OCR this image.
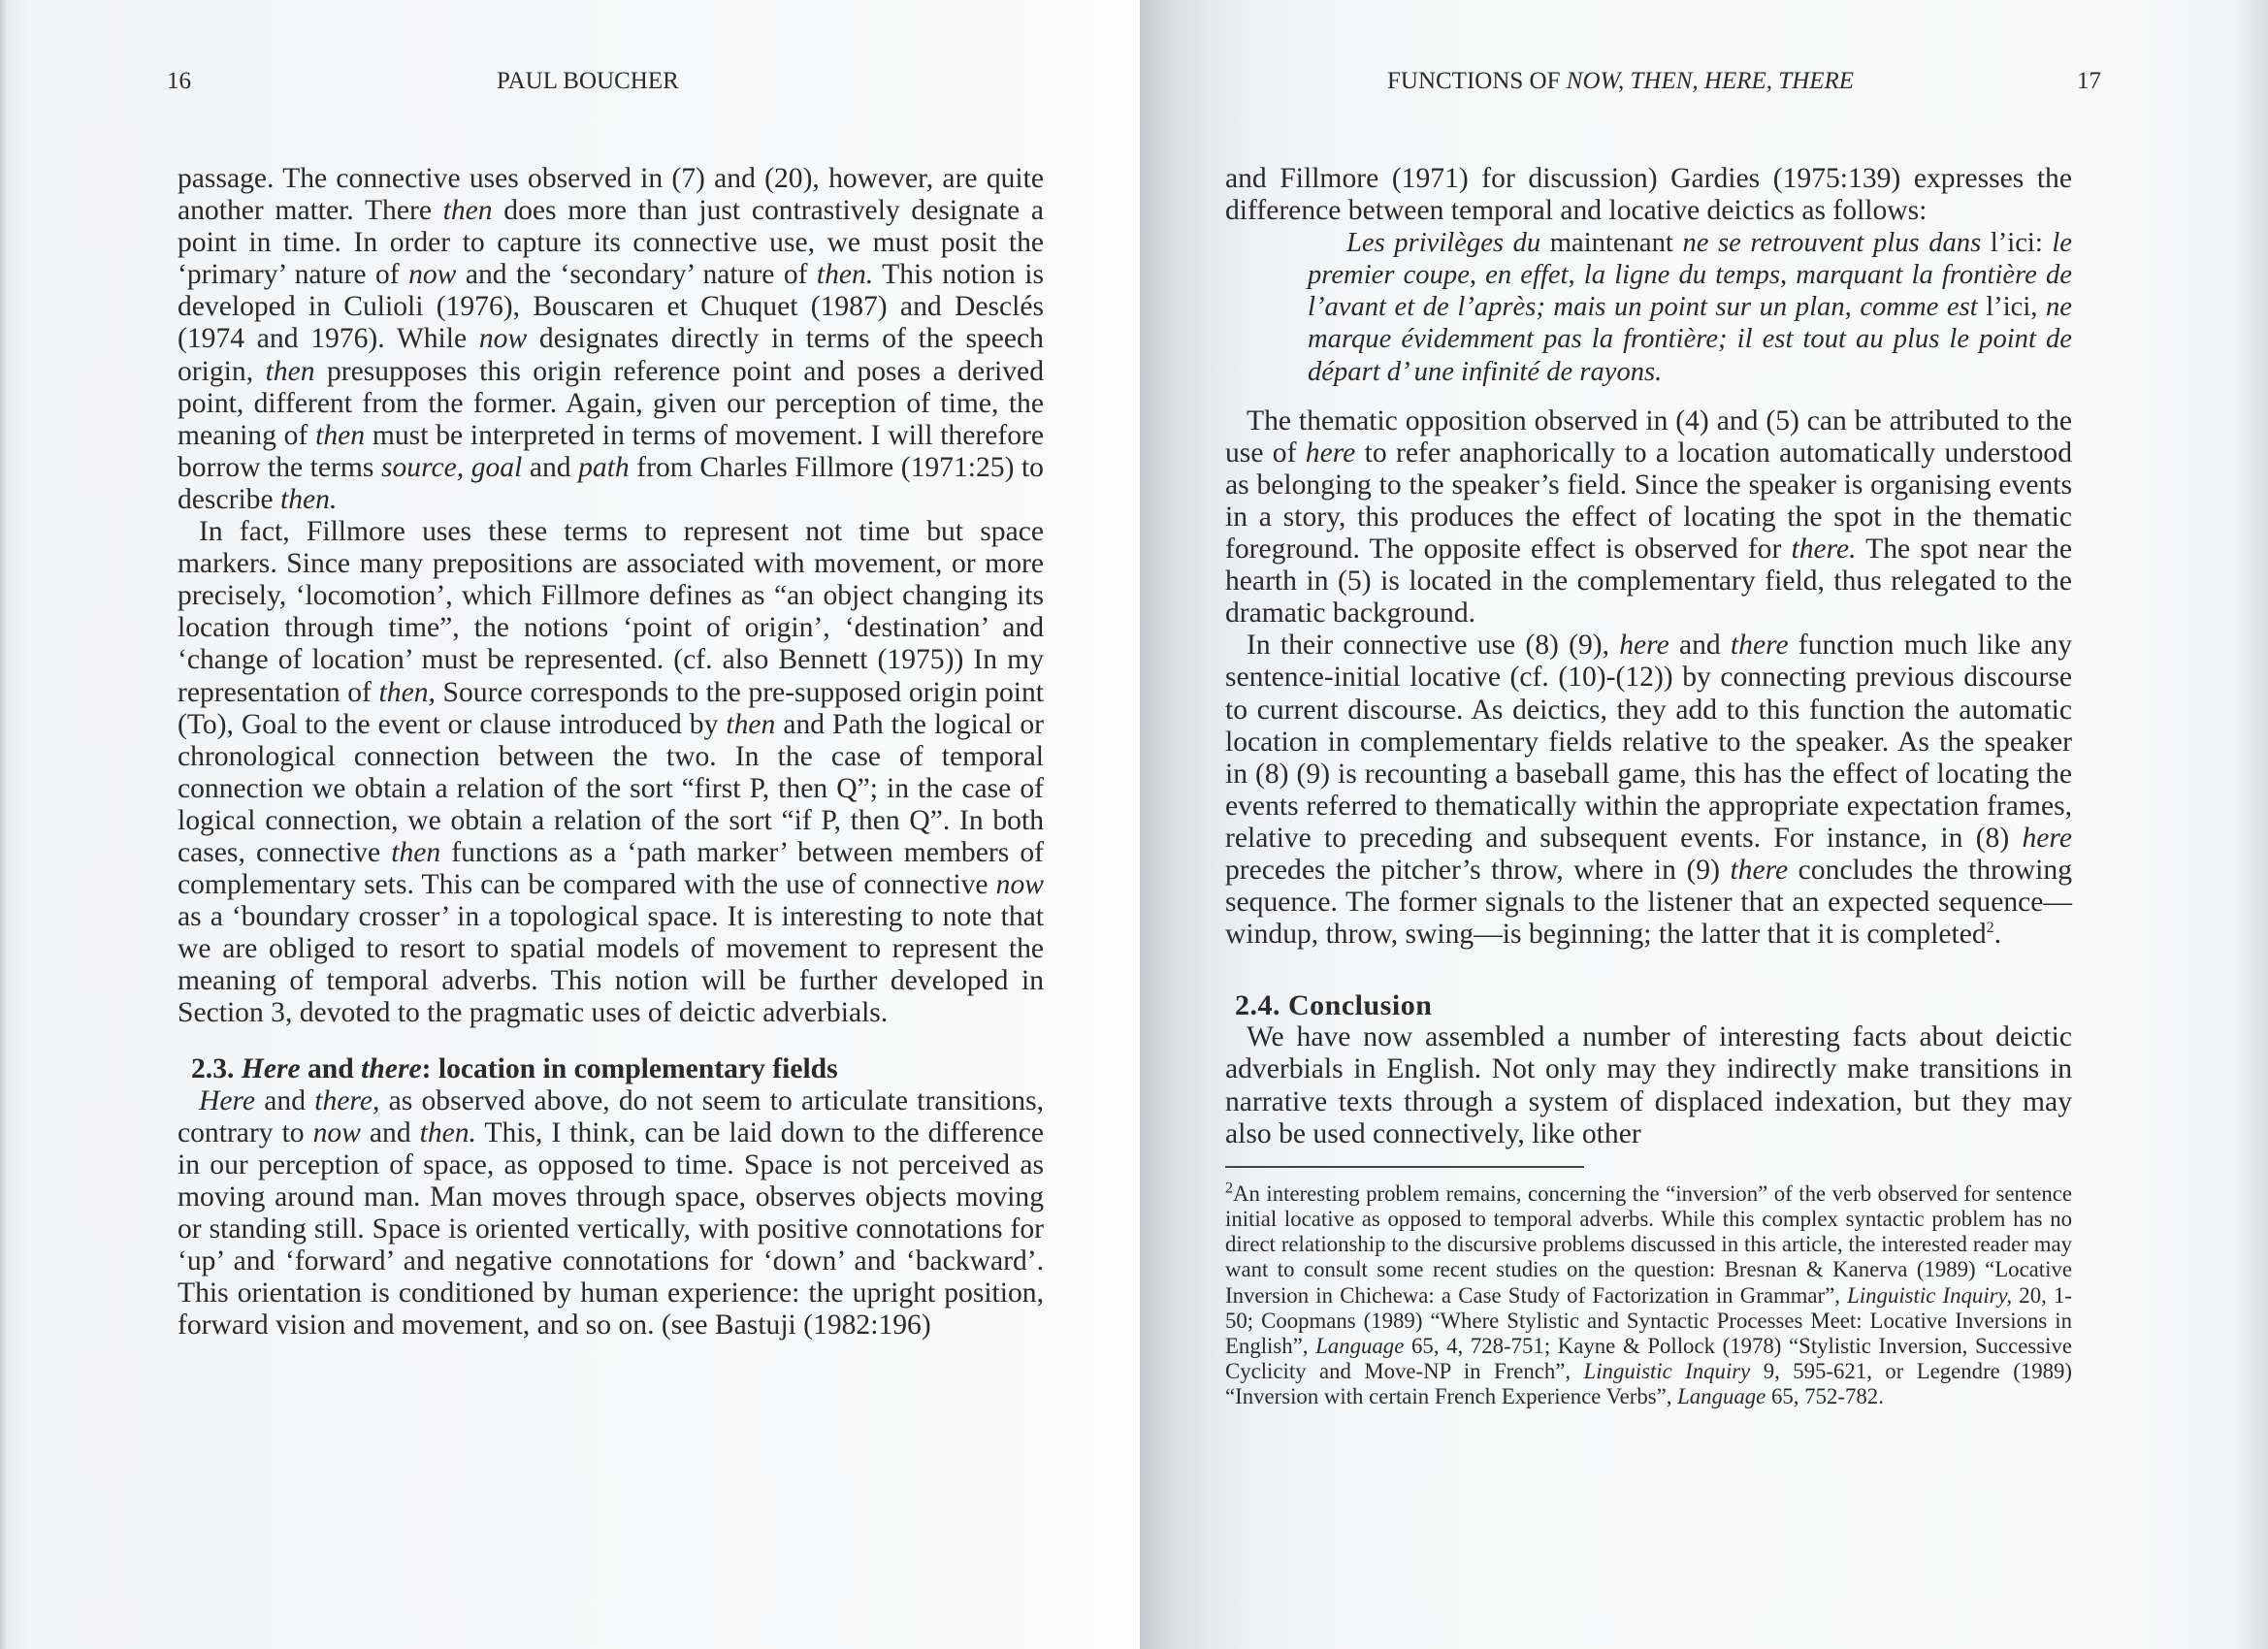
16	PAUL BOUCHER

passage. The connective uses observed in (7) and (20), however, are quite another matter. There then does more than just contrastively designate a point in time. In order to capture its connective use, we must posit the ‘primary’ nature of now and the ‘secondary’ nature of then. This notion is developed in Culioli (1976), Bouscaren et Chuquet (1987) and Desclés (1974 and 1976). While now designates directly in terms of the speech origin, then presupposes this origin reference point and poses a derived point, different from the former. Again, given our perception of time, the meaning of then must be interpreted in terms of movement. I will therefore borrow the terms source, goal and path from Charles Fillmore (1971:25) to describe then.

In fact, Fillmore uses these terms to represent not time but space markers. Since many prepositions are associated with movement, or more precisely, ‘locomotion’, which Fillmore defines as “an object changing its location through time”, the notions ‘point of origin’, ‘destination’ and ‘change of location’ must be represented. (cf. also Bennett (1975)) In my representation of then, Source corresponds to the pre-supposed origin point (To), Goal to the event or clause introduced by then and Path the logical or chronological connection between the two. In the case of temporal connection we obtain a relation of the sort “first P, then Q”; in the case of logical connection, we obtain a relation of the sort “if P, then Q”. In both cases, connective then functions as a ‘path marker’ between members of complementary sets. This can be compared with the use of connective now as a ‘boundary crosser’ in a topological space. It is interesting to note that we are obliged to resort to spatial models of movement to represent the meaning of temporal adverbs. This notion will be further developed in Section 3, devoted to the pragmatic uses of deictic adverbials.

2.3. Here and there: location in complementary fields

Here and there, as observed above, do not seem to articulate transitions, contrary to now and then. This, I think, can be laid down to the difference in our perception of space, as opposed to time. Space is not perceived as moving around man. Man moves through space, observes objects moving or standing still. Space is oriented vertically, with positive connotations for ‘up’ and ‘forward’ and negative connotations for ‘down’ and ‘backward’. This orientation is conditioned by human experience: the upright position, forward vision and movement, and so on. (see Bastuji (1982:196)

FUNCTIONS OF NOW, THEN, HERE, THERE	17

and Fillmore (1971) for discussion) Gardies (1975:139) expresses the difference between temporal and locative deictics as follows:

Les privilèges du maintenant ne se retrouvent plus dans l’ici: le premier coupe, en effet, la ligne du temps, marquant la frontière de l’avant et de l’après; mais un point sur un plan, comme est l’ici, ne marque évidemment pas la frontière; il est tout au plus le point de départ d’ une infinité de rayons.

The thematic opposition observed in (4) and (5) can be attributed to the use of here to refer anaphorically to a location automatically understood as belonging to the speaker’s field. Since the speaker is organising events in a story, this produces the effect of locating the spot in the thematic foreground. The opposite effect is observed for there. The spot near the hearth in (5) is located in the complementary field, thus relegated to the dramatic background.

In their connective use (8) (9), here and there function much like any sentence-initial locative (cf. (10)-(12)) by connecting previous discourse to current discourse. As deictics, they add to this function the automatic location in complementary fields relative to the speaker. As the speaker in (8) (9) is recounting a baseball game, this has the effect of locating the events referred to thematically within the appropriate expectation frames, relative to preceding and subsequent events. For instance, in (8) here precedes the pitcher’s throw, where in (9) there concludes the throwing sequence. The former signals to the listener that an expected sequence—windup, throw, swing—is beginning; the latter that it is completed$^2$.

2.4. Conclusion

We have now assembled a number of interesting facts about deictic adverbials in English. Not only may they indirectly make transitions in narrative texts through a system of displaced indexation, but they may also be used connectively, like other

$^2$An interesting problem remains, concerning the “inversion” of the verb observed for sentence initial locative as opposed to temporal adverbs. While this complex syntactic problem has no direct relationship to the discursive problems discussed in this article, the interested reader may want to consult some recent studies on the question: Bresnan & Kanerva (1989) “Locative Inversion in Chichewa: a Case Study of Factorization in Grammar”, Linguistic Inquiry, 20, 1-50; Coopmans (1989) “Where Stylistic and Syntactic Processes Meet: Locative Inversions in English”, Language 65, 4, 728-751; Kayne & Pollock (1978) “Stylistic Inversion, Successive Cyclicity and Move-NP in French”, Linguistic Inquiry 9, 595-621, or Legendre (1989) “Inversion with certain French Experience Verbs”, Language 65, 752-782.
